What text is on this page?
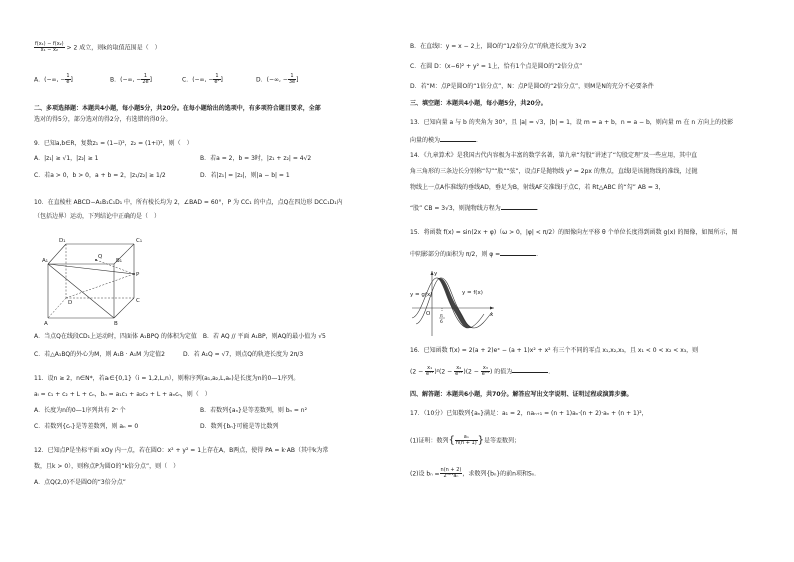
$\frac{\text{f(x₁) − f(x₂)}}{\text{x₁ − x₂}} > 2$ 成立，则k的取值范围是（　）
A．(−∞, − $\frac{1}{e}$ ]	B．(−∞, − $\frac{1}{2e}$ ]	C．(−∞, − $\frac{1}{\text{e²}}$ ]	D．(−∞, − $\frac{1}{3e}$ ]
二、多项选择题：本题共4小题，每小题5分，共20分。在每小题给出的选项中，有多项符合题目要求，全部
选对的得5分，部分选对的得2分，有选错的得0分。
9．已知a,b∈R，复数z₁ = (1−i)²，z₂ = (1+i)²，则（　）
A．|z₁| ≥ √1，|z₂| ≥ 1	B．若a = 2，b = 3时，|z₁ + z₂| = 4√2
C．若a > 0，b > 0，a + b = 2，|z₁/z₂| ≥ 1/2	D．若|z₁| = |z₂|，则|a − b| = 1
10．在直棱柱 ABCD−A₁B₁C₁D₁ 中，所有棱长均为 2，∠BAD = 60°，P 为 CC₁ 的中点，点Q在四边形 DCC₁D₁内
（包括边界）运动，下列结论中正确的是（　）
D₁	C₁
A₁	B₁
Q
P
D	C
A	B
A．当点Q在线段CD₁上运动时，四面体 A₁BPQ 的体积为定值　B．若 AQ // 平面 A₁BP，则AQ的最小值为 √5
C．若△A₁BQ的外心为M，则 A₁B · A₁M 为定值2　　　D．若 A₁Q = √7，则点Q的轨迹长度为 2π/3
11．设n ≥ 2，n∈N*，若aᵢ∈{0,1}（i = 1,2,L,n），则称序列(a₁,a₂,L,aₙ)是长度为n的0—1序列。
aᵢ = c₁ + c₂ + L + cₙ，bₙ = a₁c₁ + a₂c₂ + L + aₙcₙ，则（　）
A．长度为n的0—1序列共有 2ⁿ 个	B．若数列{aₙ}是等差数列，则 bₙ = n²
C．若数列{cₙ}是等差数列，则 aₙ = 0	D．数列{bₙ}可能是等比数列
12．已知点P是坐标平面 xOy 内一点，若在圆O：x² + y² = 1上存在A，B两点，使得 PA = k·AB（其中k为常
数，且k > 0），则称点P为圆O的“k倍分点”，则（　）
A．点Q(2,0)不是圆O的“3倍分点”
B．在直线l：y = x − 2上，圆O的“1/2倍分点”的轨迹长度为 3√2
C．在圆 D：(x−6)² + y² = 1上，恰有1个点是圆O的“2倍分点”
D．若“M：点P是圆O的“1倍分点”，N：点P是圆O的“2倍分点”，则M是N的充分不必要条件
三、填空题：本题共4小题，每小题5分，共20分。
13．已知向量 a 与 b 的夹角为 30°，且 |a| = √3，|b| = 1，设 m = a + b，n = a − b，则向量 m 在 n 方向上的投影
向量的模为	．
14．《九章算术》是我国古代内容极为丰富的数学名著，第九章“勾股”讲述了“勾股定理”及一些应用，其中直
角三角形的三条边长分别称“勾”“股”“弦”，设点F是抛物线 y² = 2px 的焦点，直线l是该抛物线的准线，过抛
物线上一点A作准线的垂线AD，垂足为B，射线AF交准线l于点C，若 Rt△ABC 的“勾” AB = 3，
“股” CB = 3√3，则抛物线方程为	．
15．将函数 f(x) = sin(2x + φ)（ω > 0，|φ| < π/2）的图像向左平移 θ 个单位长度得到函数 g(x) 的图像，如图所示，图
中阴影部分的面积为 π/2，则 φ =	．
y
x
O
y = g(x)	y = f(x)
π
6
16．已知函数 f(x) = 2(a + 2)eˣ − (a + 1)x² + x² 有三个不同的零点 x₁,x₂,x₃，且 x₁ < 0 < x₂ < x₃，则
$(2 - \frac{\text{x₁}}{\text{eˣ¹}} )^2(2 - \frac{\text{x₂}}{\text{eˣ²}} )(2 - \frac{\text{x₃}}{\text{eˣ³}}$ ) 的值为	．
四、解答题：本题共6小题，共70分。解答应写出文字说明、证明过程或演算步骤。
17．（10分）已知数列{aₙ}满足：a₁ = 2，naₙ₊₁ = (n + 1)aₙ·(n + 2)·aₙ + (n + 1)²，
(1)证明：数列{ $\frac{\text{aₙ}}{n(n + 1)}$ }是等差数列；
(2)设 $b_n = \frac{n(n + 2)}{\text{2ⁿ⁺¹aₙ}}$ ，求数列{bₙ}的前n项和Sₙ．
